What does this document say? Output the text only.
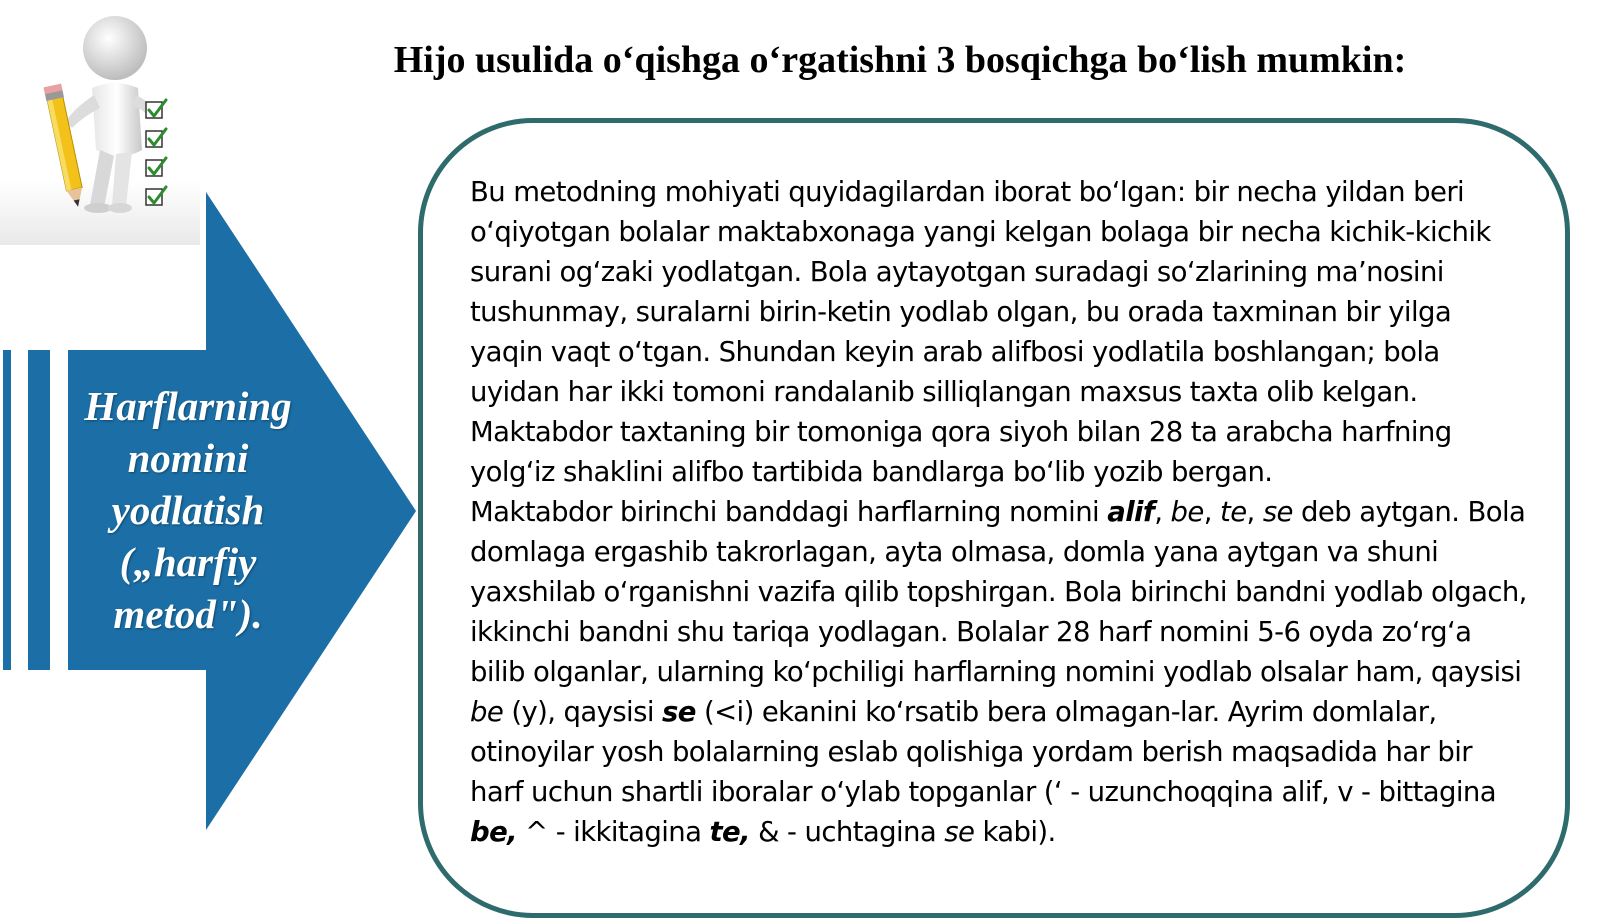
Hijo usulida o‘qishga o‘rgatishni 3 bosqichga bo‘lish mumkin:
Harflarning
nomini
yodlatish
(„harfiy
metod").

Bu metodning mohiyati quyidagilardan iborat bo‘lgan: bir necha yildan beri o‘qiyotgan bolalar maktabxonaga yangi kelgan bolaga bir necha kichik-kichik surani og‘zaki yodlatgan. Bola aytayotgan suradagi so‘zlarining ma’nosini tushunmay, suralarni birin-ketin yodlab olgan, bu orada taxminan bir yilga yaqin vaqt o‘tgan. Shundan keyin arab alifbosi yodlatila boshlangan; bola uyidan har ikki tomoni randalanib silliqlangan maxsus taxta olib kelgan. Maktabdor taxtaning bir tomoniga qora siyoh bilan 28 ta arabcha harfning yolg‘iz shaklini alifbo tartibida bandlarga bo‘lib yozib bergan.

Maktabdor birinchi banddagi harflarning nomini alif, be, te, se deb aytgan. Bola domlaga ergashib takrorlagan, ayta olmasa, domla yana aytgan va shuni yaxshilab o‘rganishni vazifa qilib topshirgan. Bola birinchi bandni yodlab olgach, ikkinchi bandni shu tariqa yodlagan. Bolalar 28 harf nomini 5-6 oyda zo‘rg‘a bilib olganlar, ularning ko‘pchiligi harflarning nomini yodlab olsalar ham, qaysisi be (y), qaysisi se (<i) ekanini ko‘rsatib bera olmagan-lar. Ayrim domlalar, otinoyilar yosh bolalarning eslab qolishiga yordam berish maqsadida har bir harf uchun shartli iboralar o‘ylab topganlar (‘ - uzunchoqqina alif, v - bittagina be, ^ - ikkitagina te, & - uchtagina se kabi).
